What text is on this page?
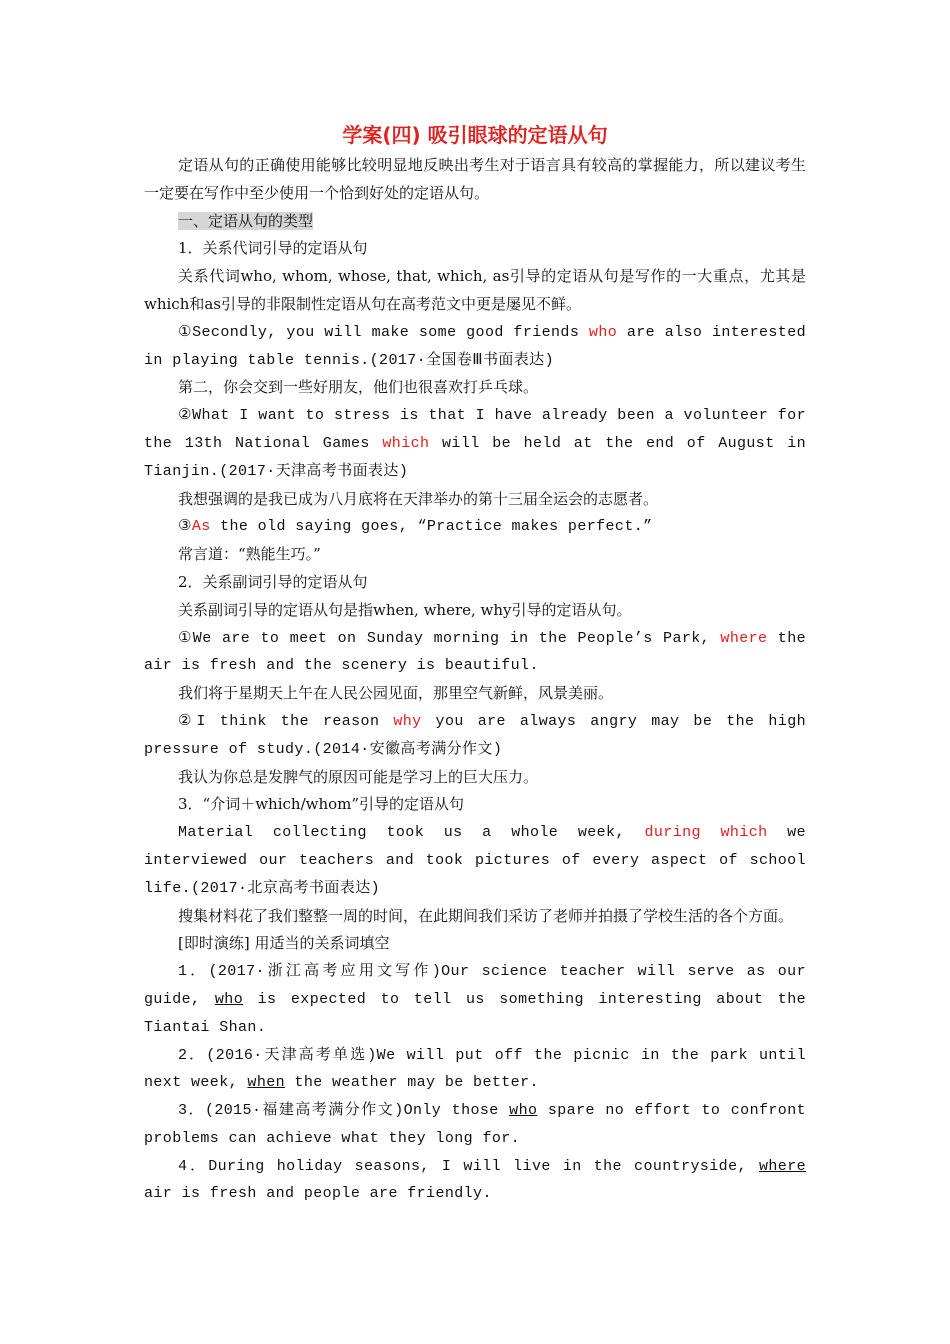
学案(四) 吸引眼球的定语从句

定语从句的正确使用能够比较明显地反映出考生对于语言具有较高的掌握能力，所以建议考生一定要在写作中至少使用一个恰到好处的定语从句。

一、定语从句的类型

1．关系代词引导的定语从句

关系代词who, whom, whose, that, which, as引导的定语从句是写作的一大重点，尤其是which和as引导的非限制性定语从句在高考范文中更是屡见不鲜。

①Secondly, you will make some good friends who are also interested in playing table tennis.(2017·全国卷Ⅲ书面表达)

第二，你会交到一些好朋友，他们也很喜欢打乒乓球。

②What I want to stress is that I have already been a volunteer for the 13th National Games which will be held at the end of August in Tianjin.(2017·天津高考书面表达)

我想强调的是我已成为八月底将在天津举办的第十三届全运会的志愿者。

③As the old saying goes, “Practice makes perfect.”

常言道：“熟能生巧。”

2．关系副词引导的定语从句

关系副词引导的定语从句是指when, where, why引导的定语从句。

①We are to meet on Sunday morning in the People’s Park, where the air is fresh and the scenery is beautiful.

我们将于星期天上午在人民公园见面，那里空气新鲜，风景美丽。

②I think the reason why you are always angry may be the high pressure of study.(2014·安徽高考满分作文)

我认为你总是发脾气的原因可能是学习上的巨大压力。

3．“介词＋which/whom”引导的定语从句

Material collecting took us a whole week, during which we interviewed our teachers and took pictures of every aspect of school life.(2017·北京高考书面表达)

搜集材料花了我们整整一周的时间，在此期间我们采访了老师并拍摄了学校生活的各个方面。

[即时演练] 用适当的关系词填空

1．(2017·浙江高考应用文写作)Our science teacher will serve as our guide, who is expected to tell us something interesting about the Tiantai Shan.

2．(2016·天津高考单选)We will put off the picnic in the park until next week, when the weather may be better.

3．(2015·福建高考满分作文)Only those who spare no effort to confront problems can achieve what they long for.

4．During holiday seasons, I will live in the countryside, where air is fresh and people are friendly.
